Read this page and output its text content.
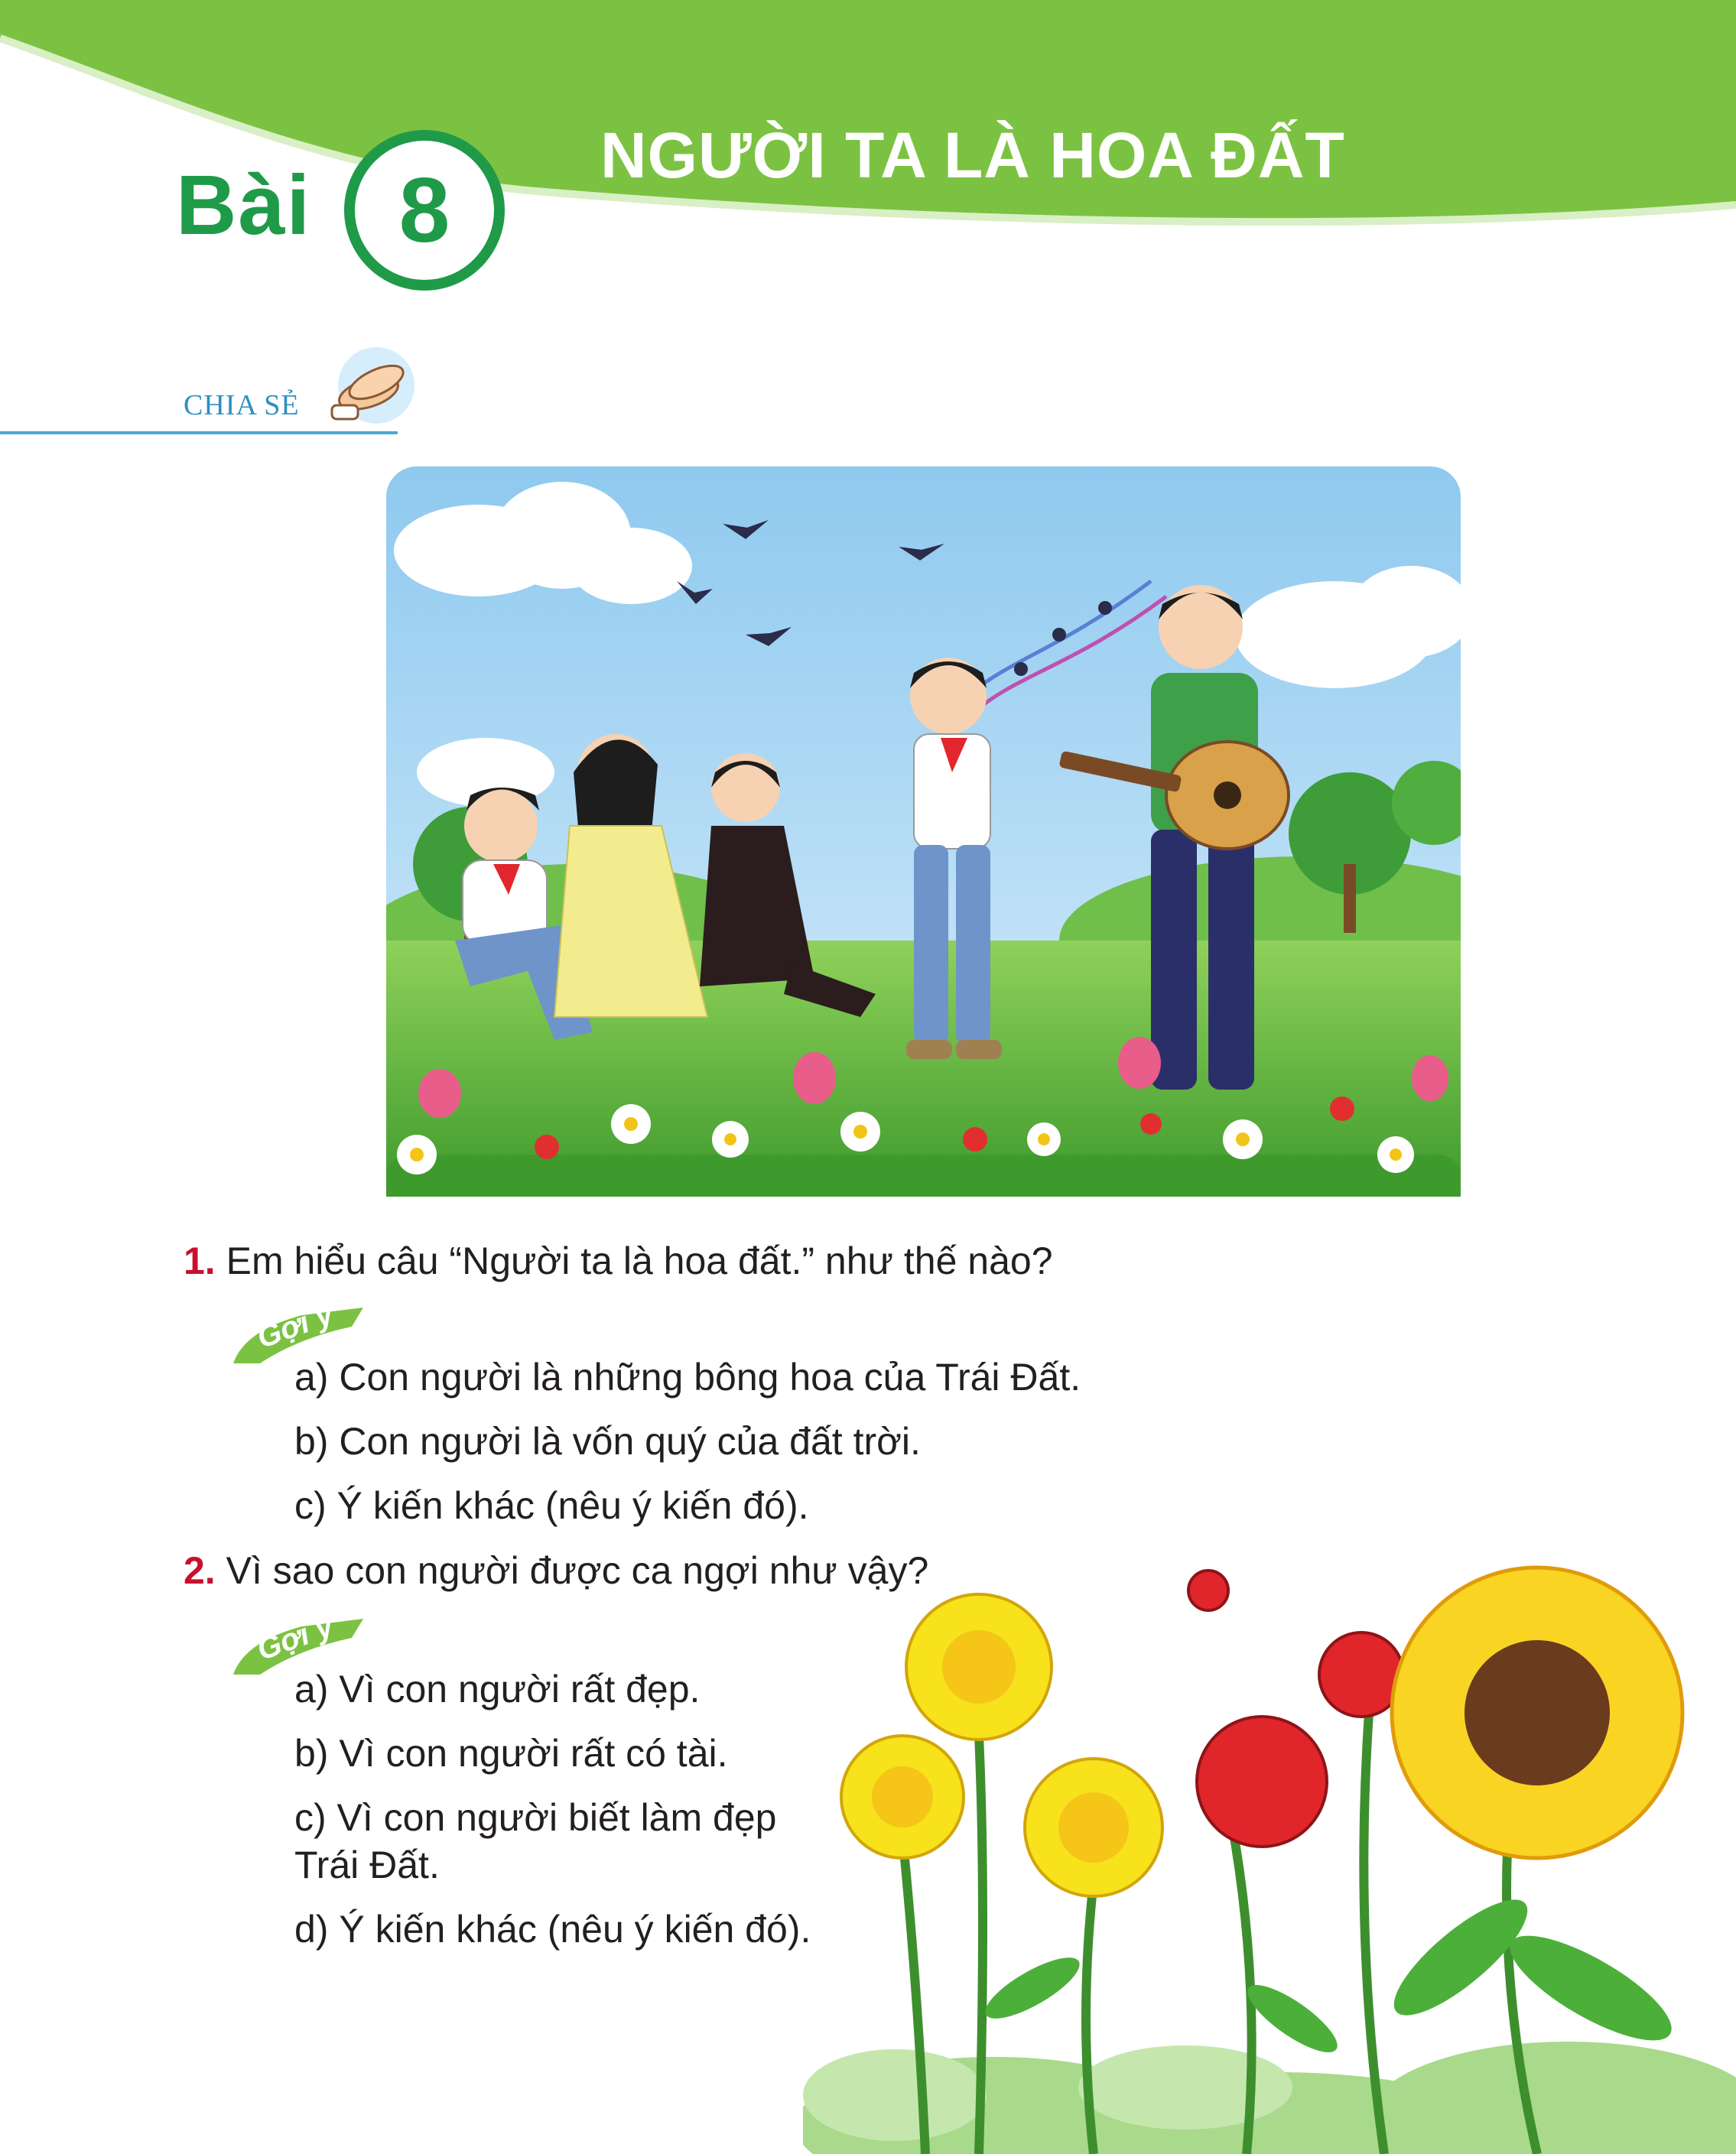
Bài 8
NGƯỜI TA LÀ HOA ĐẤT
CHIA SẺ
1. Em hiểu câu “Người ta là hoa đất.” như thế nào?
Gợi ý
a) Con người là những bông hoa của Trái Đất.
b) Con người là vốn quý của đất trời.
c) Ý kiến khác (nêu ý kiến đó).
2. Vì sao con người được ca ngợi như vậy?
Gợi ý
a) Vì con người rất đẹp.
b) Vì con người rất có tài.
c) Vì con người biết làm đẹp
Trái Đất.
d) Ý kiến khác (nêu ý kiến đó).
